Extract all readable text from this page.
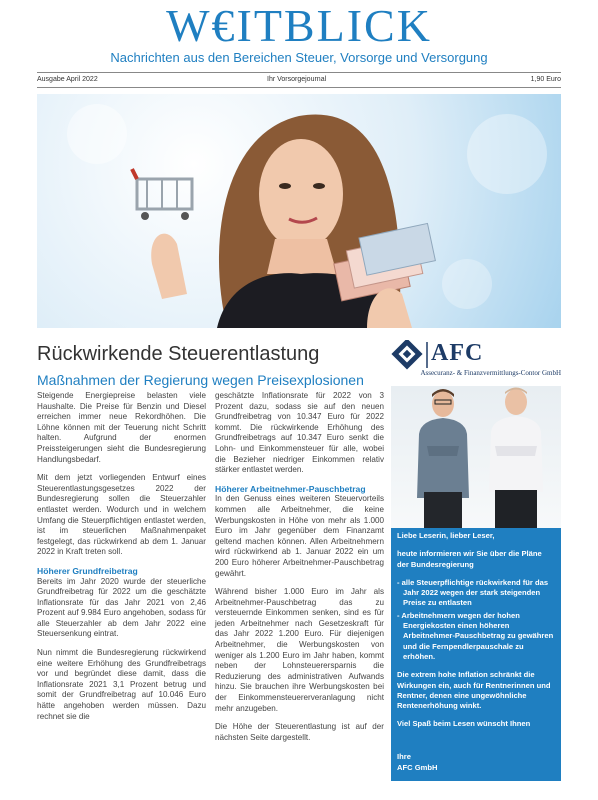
W€ITBLICK
Nachrichten aus den Bereichen Steuer, Vorsorge und Versorgung
Ausgabe April 2022	Ihr Vorsorgejournal	1,90 Euro
Rückwirkende Steuerentlastung
Maßnahmen der Regierung wegen Preisexplosionen

Steigende Energiepreise belasten viele Haushalte. Die Preise für Benzin und Diesel erreichen immer neue Rekordhöhen. Die Löhne können mit der Teuerung nicht Schritt halten. Aufgrund der enormen Preissteigerungen sieht die Bundesregierung Handlungsbedarf.

Mit dem jetzt vorliegenden Entwurf eines Steuerentlastungsgesetzes 2022 der Bundesregierung sollen die Steuerzahler entlastet werden. Wodurch und in welchem Umfang die Steuerpflichtigen entlastet werden, ist im steuerlichen Maßnahmenpaket festgelegt, das rückwirkend ab dem 1. Januar 2022 in Kraft treten soll.

Höherer Grundfreibetrag

Bereits im Jahr 2020 wurde der steuerliche Grundfreibetrag für 2022 um die geschätzte Inflationsrate für das Jahr 2021 von 2,46 Prozent auf 9.984 Euro angehoben, sodass für alle Steuerzahler ab dem Jahr 2022 eine Steuersenkung eintrat.

Nun nimmt die Bundesregierung rückwirkend eine weitere Erhöhung des Grundfreibetrags vor und begründet diese damit, dass die Inflationsrate 2021 3,1 Prozent betrug und somit der Grundfreibetrag auf 10.046 Euro hätte angehoben werden müssen. Dazu rechnet sie die

geschätzte Inflationsrate für 2022 von 3 Prozent dazu, sodass sie auf den neuen Grundfreibetrag von 10.347 Euro für 2022 kommt. Die rückwirkende Erhöhung des Grundfreibetrags auf 10.347 Euro senkt die Lohn- und Einkommensteuer für alle, wobei die Bezieher niedriger Einkommen relativ stärker entlastet werden.

Höherer Arbeitnehmer-Pauschbetrag

In den Genuss eines weiteren Steuervorteils kommen alle Arbeitnehmer, die keine Werbungskosten in Höhe von mehr als 1.000 Euro im Jahr gegenüber dem Finanzamt geltend machen können. Allen Arbeitnehmern wird rückwirkend ab 1. Januar 2022 ein um 200 Euro höherer Arbeitnehmer-Pauschbetrag gewährt.

Während bisher 1.000 Euro im Jahr als Arbeitnehmer-Pauschbetrag das zu versteuernde Einkommen senken, sind es für jeden Arbeitnehmer nach Gesetzeskraft für das Jahr 2022 1.200 Euro. Für diejenigen Arbeitnehmer, die Werbungskosten von weniger als 1.200 Euro im Jahr haben, kommt neben der Lohnsteuerersparnis die Reduzierung des administrativen Aufwands hinzu. Sie brauchen ihre Werbungskosten bei der Einkommensteuererveranlagung nicht mehr anzugeben.

Die Höhe der Steuerentlastung ist auf der nächsten Seite dargestellt.

AFC
Assecuranz- & Finanzvermittlungs-Contor GmbH

Liebe Leserin, lieber Leser,

heute informieren wir Sie über die Pläne der Bundesregierung

- alle Steuerpflichtige rückwirkend für das Jahr 2022 wegen der stark steigenden Preise zu entlasten
- Arbeitnehmern wegen der hohen Energiekosten einen höheren Arbeitnehmer-Pauschbetrag zu gewähren und die Fernpendlerpauschale zu erhöhen.

Die extrem hohe Inflation schränkt die Wirkungen ein, auch für Rentnerinnen und Rentner, denen eine ungewöhnliche Rentenerhöhung winkt.

Viel Spaß beim Lesen wünscht Ihnen

Ihre
AFC GmbH
